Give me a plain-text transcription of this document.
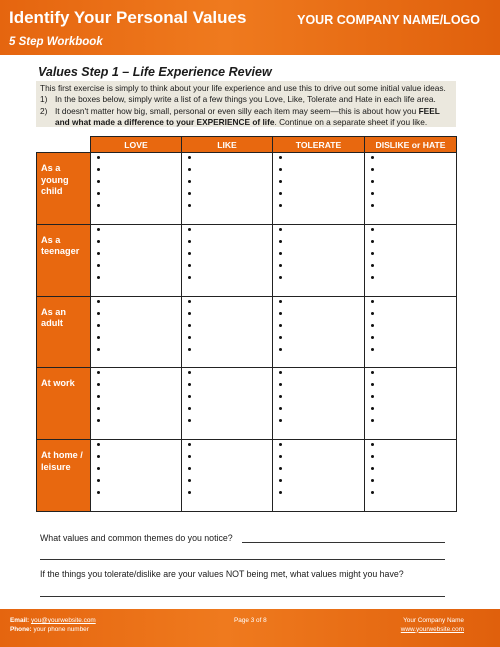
Identify Your Personal Values
5 Step Workbook
YOUR COMPANY NAME/LOGO
Values Step 1 – Life Experience Review
This first exercise is simply to think about your life experience and use this to drive out some initial value ideas.
1) In the boxes below, simply write a list of a few things you Love, Like, Tolerate and Hate in each life area.
2) It doesn't matter how big, small, personal or even silly each item may seem—this is about how you FEEL and what made a difference to your EXPERIENCE of life. Continue on a separate sheet if you like.
	LOVE	LIKE	TOLERATE	DISLIKE or HATE
As a young child	

As a teenager	

As an adult	

At work	

At home / leisure	

What values and common themes do you notice?
If the things you tolerate/dislike are your values NOT being met, what values might you have?
Email: you@yourwebsite.com
Phone: your phone number
Page 3 of 8	Your Company Name
www.yourwebsite.com
